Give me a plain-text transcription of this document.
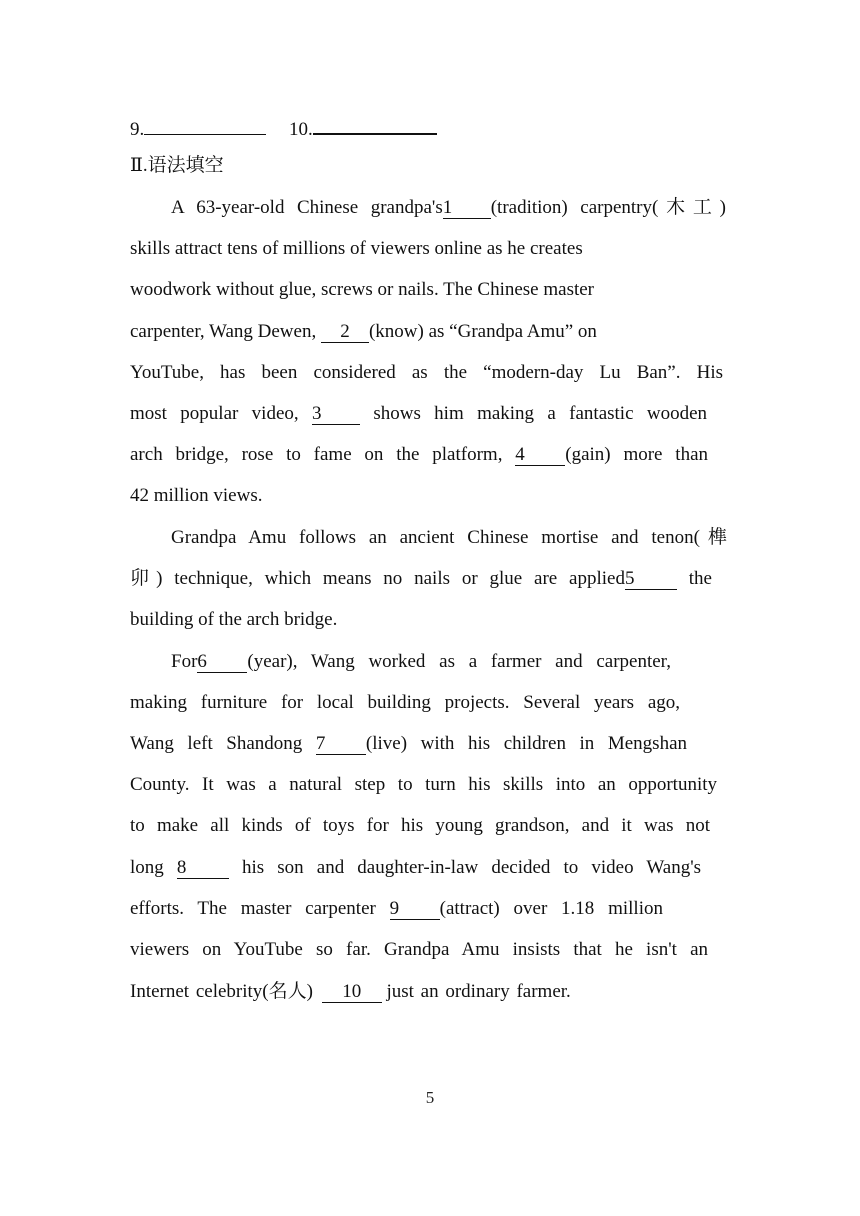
9.	10.
Ⅱ.语法填空
A 63-year-old Chinese grandpa's1 (tradition) carpentry(木工)
skills attract tens of millions of viewers online as he creates
woodwork without glue, screws or nails. The Chinese master
carpenter, Wang Dewen, 2 (know) as “Grandpa Amu” on
YouTube, has been considered as the “modern-day Lu Ban”. His
most popular video, 3	shows him making a fantastic wooden
arch bridge, rose to fame on the platform, 4 (gain) more than
42 million views.
Grandpa Amu follows an ancient Chinese mortise and tenon(榫
卯) technique, which means no nails or glue are applied5	the
building of the arch bridge.
For6 (year), Wang worked as a farmer and carpenter,
making furniture for local building projects. Several years ago,
Wang left Shandong 7 (live) with his children in Mengshan
County. It was a natural step to turn his skills into an opportunity
to make all kinds of toys for his young grandson, and it was not
long 8	his son and daughter-in-law decided to video Wang's
efforts. The master carpenter 9 (attract) over 1.18 million
viewers on YouTube so far. Grandpa Amu insists that he isn't an
Internet celebrity(名人) 10 just an ordinary farmer.
5
